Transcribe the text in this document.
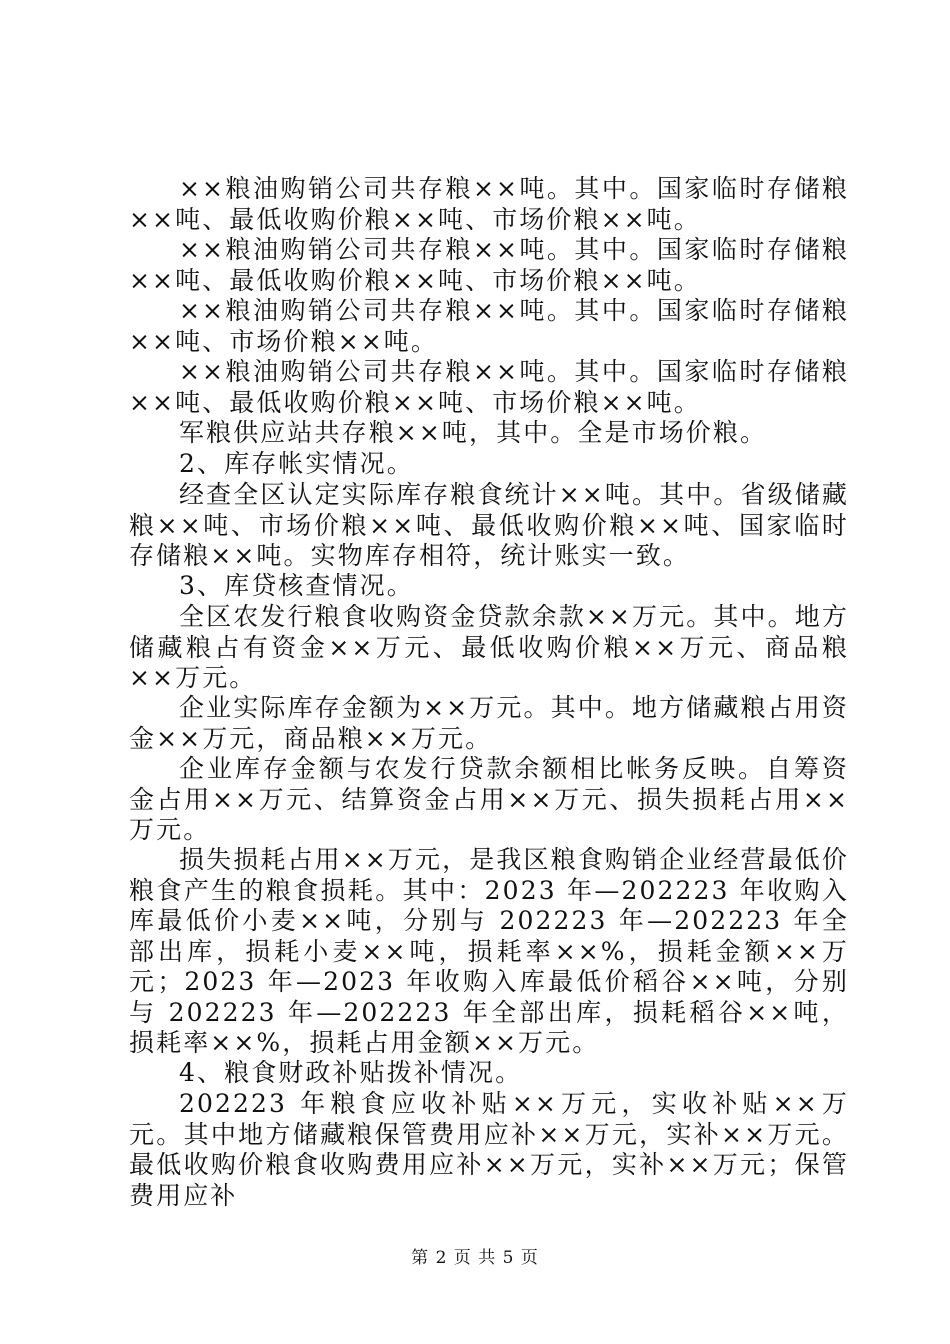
××粮油购销公司共存粮××吨。其中。国家临时存储粮××吨、最低收购价粮××吨、市场价粮××吨。

××粮油购销公司共存粮××吨。其中。国家临时存储粮××吨、最低收购价粮××吨、市场价粮××吨。

××粮油购销公司共存粮××吨。其中。国家临时存储粮××吨、市场价粮××吨。

××粮油购销公司共存粮××吨。其中。国家临时存储粮××吨、最低收购价粮××吨、市场价粮××吨。

军粮供应站共存粮××吨，其中。全是市场价粮。

2、库存帐实情况。

经查全区认定实际库存粮食统计××吨。其中。省级储藏粮××吨、市场价粮××吨、最低收购价粮××吨、国家临时存储粮××吨。实物库存相符，统计账实一致。

3、库贷核查情况。

全区农发行粮食收购资金贷款余款××万元。其中。地方储藏粮占有资金××万元、最低收购价粮××万元、商品粮××万元。

企业实际库存金额为××万元。其中。地方储藏粮占用资金××万元，商品粮××万元。

企业库存金额与农发行贷款余额相比帐务反映。自筹资金占用××万元、结算资金占用××万元、损失损耗占用××万元。

损失损耗占用××万元，是我区粮食购销企业经营最低价粮食产生的粮食损耗。其中：2023 年—202223 年收购入库最低价小麦××吨，分别与 202223 年—202223 年全部出库，损耗小麦××吨，损耗率××%，损耗金额××万元；2023 年—2023 年收购入库最低价稻谷××吨，分别与 202223 年—202223 年全部出库，损耗稻谷××吨，损耗率××%，损耗占用金额××万元。

4、粮食财政补贴拨补情况。

202223 年粮食应收补贴××万元，实收补贴××万元。其中地方储藏粮保管费用应补××万元，实补××万元。最低收购价粮食收购费用应补××万元，实补××万元；保管费用应补

第 2 页 共 5 页
